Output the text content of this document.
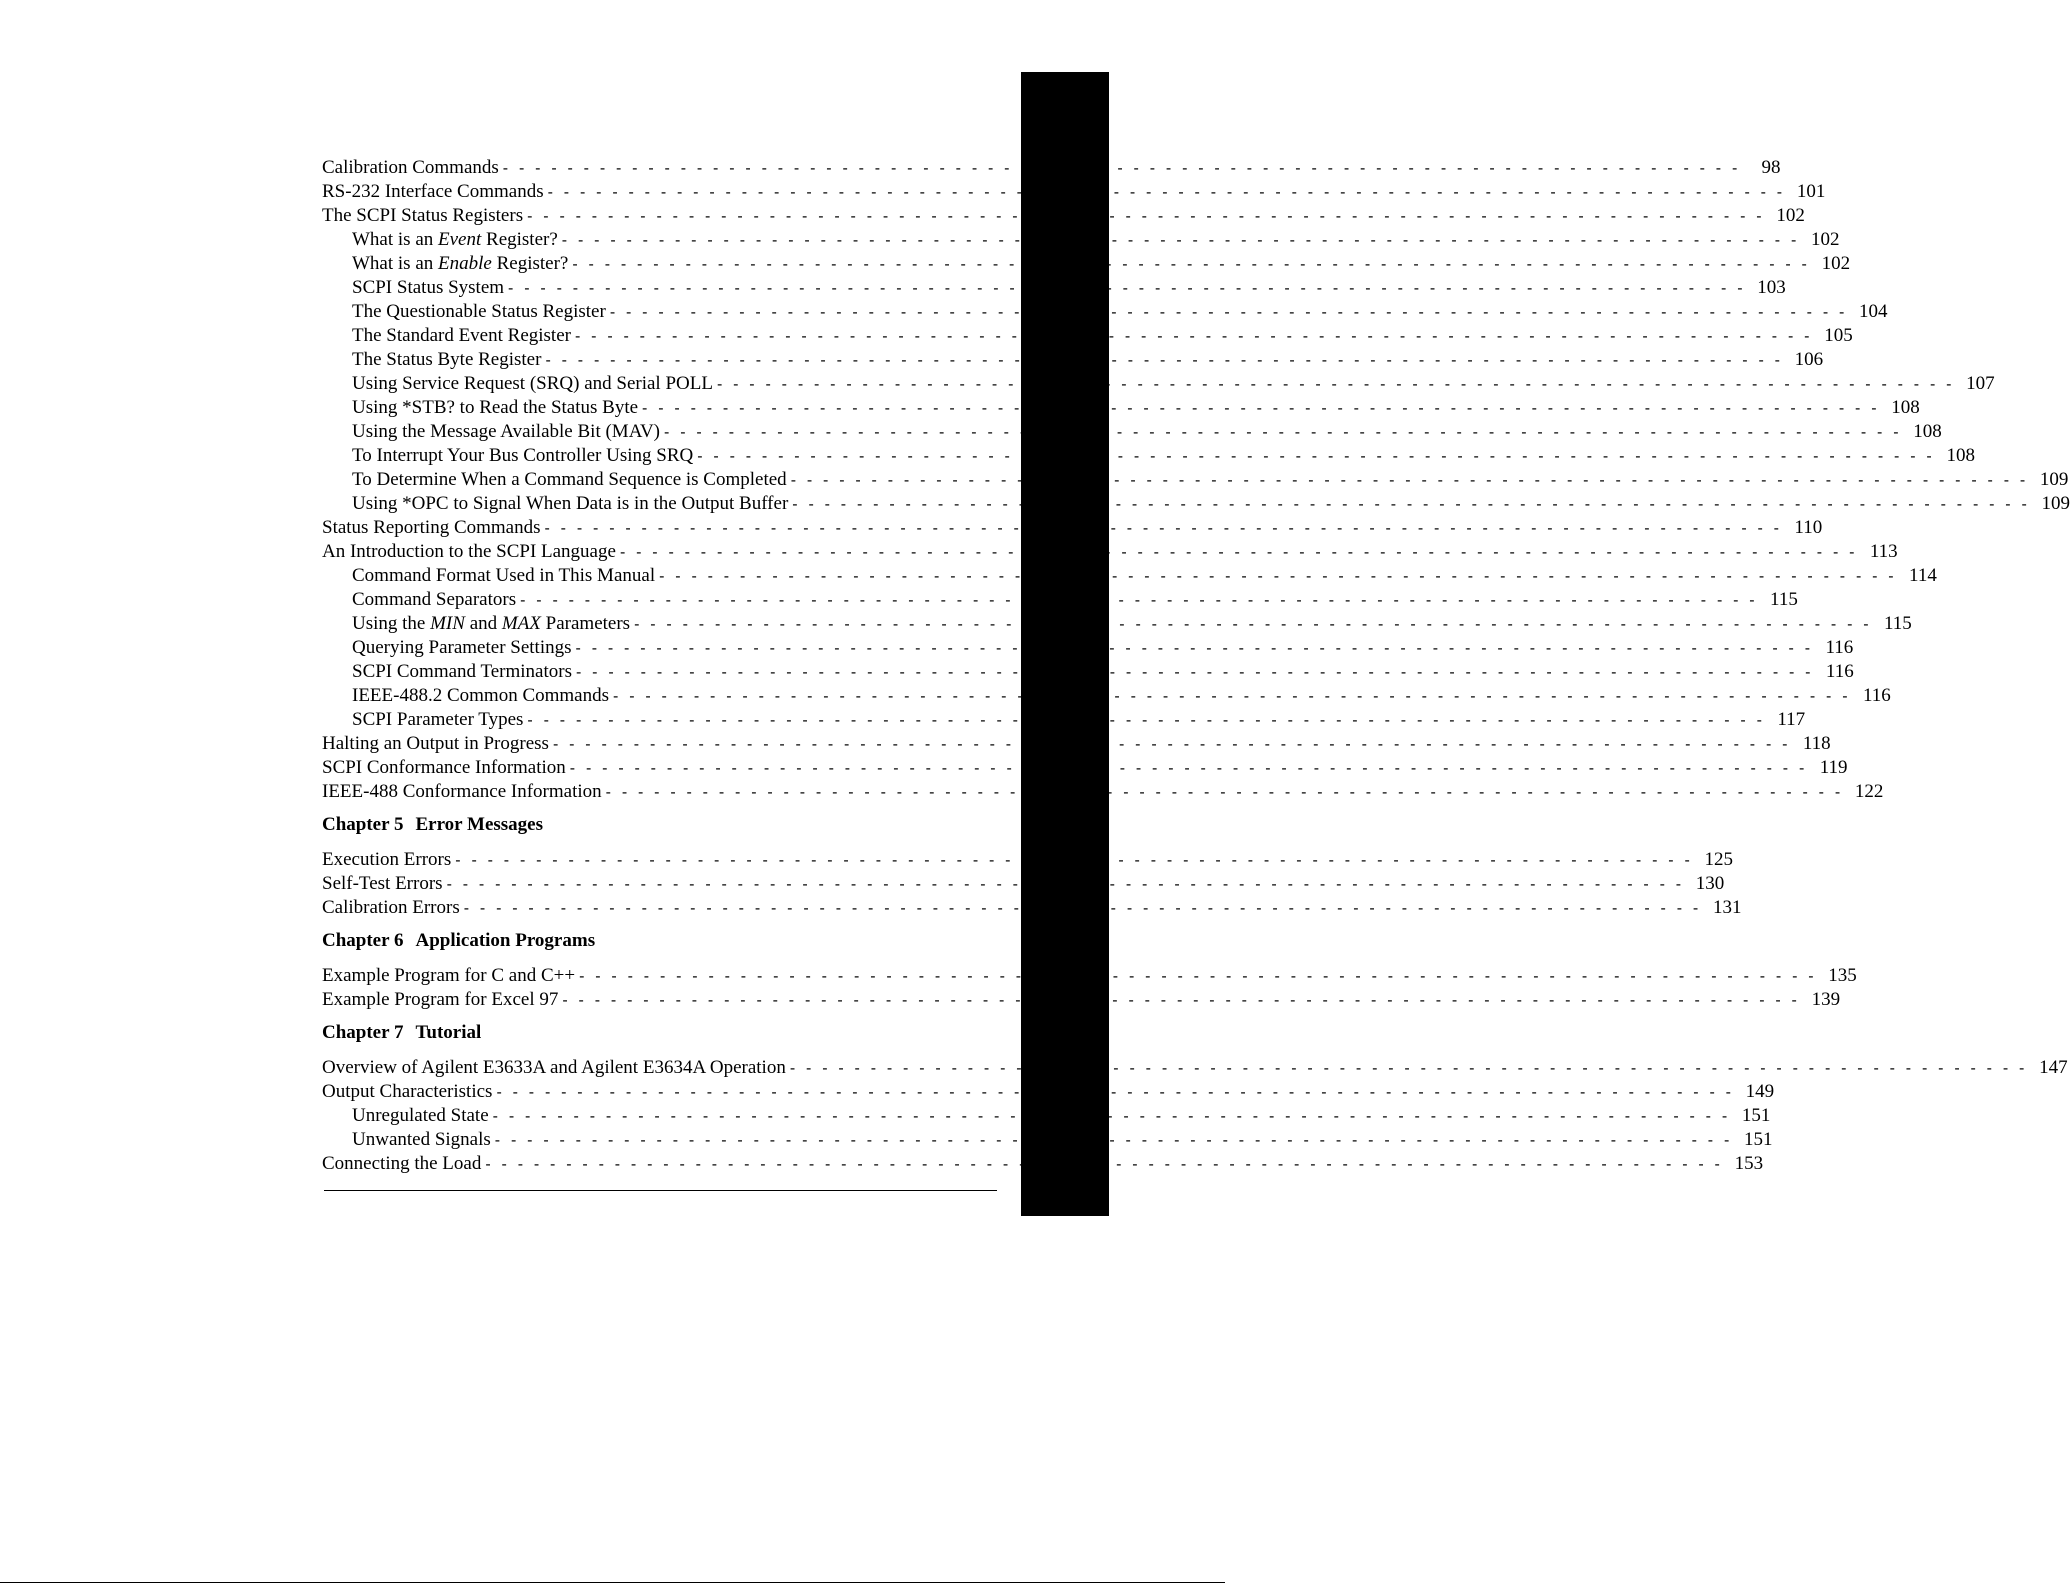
Calibration Commands - - - - - - - - - - - - - - - - - - - - - - - - - - - - - - - - - - - - - - - - - - - - - - - - - - - - - - - - - - - - - - - - - - - - - - - - - - - - -	98
RS-232 Interface Commands - - - - - - - - - - - - - - - - - - - - - - - - - - - - - - - - - - - - - - - - - - - - - - - - - - - - - - - - - - - - - - - - - - - - - - - - - - - - - 101
The SCPI Status Registers - - - - - - - - - - - - - - - - - - - - - - - - - - - - - - - - - - - - - - - - - - - - - - - - - - - - - - - - - - - - - - - - - - - - - - - - - - - - - 102
What is an Event Register? - - - - - - - - - - - - - - - - - - - - - - - - - - - - - - - - - - - - - - - - - - - - - - - - - - - - - - - - - - - - - - - - - - - - - - - - - - - - - 102
What is an Enable Register? - - - - - - - - - - - - - - - - - - - - - - - - - - - - - - - - - - - - - - - - - - - - - - - - - - - - - - - - - - - - - - - - - - - - - - - - - - - - - 102
SCPI Status System - - - - - - - - - - - - - - - - - - - - - - - - - - - - - - - - - - - - - - - - - - - - - - - - - - - - - - - - - - - - - - - - - - - - - - - - - - - - - 103
The Questionable Status Register - - - - - - - - - - - - - - - - - - - - - - - - - - - - - - - - - - - - - - - - - - - - - - - - - - - - - - - - - - - - - - - - - - - - - - - - - - - - - 104
The Standard Event Register - - - - - - - - - - - - - - - - - - - - - - - - - - - - - - - - - - - - - - - - - - - - - - - - - - - - - - - - - - - - - - - - - - - - - - - - - - - - - 105
The Status Byte Register - - - - - - - - - - - - - - - - - - - - - - - - - - - - - - - - - - - - - - - - - - - - - - - - - - - - - - - - - - - - - - - - - - - - - - - - - - - - - 106
Using Service Request (SRQ) and Serial POLL - - - - - - - - - - - - - - - - - - - - - - - - - - - - - - - - - - - - - - - - - - - - - - - - - - - - - - - - - - - - - - - - - - - - - - - - - - - - - 107
Using *STB? to Read the Status Byte - - - - - - - - - - - - - - - - - - - - - - - - - - - - - - - - - - - - - - - - - - - - - - - - - - - - - - - - - - - - - - - - - - - - - - - - - - - - - 108
Using the Message Available Bit (MAV) - - - - - - - - - - - - - - - - - - - - - - - - - - - - - - - - - - - - - - - - - - - - - - - - - - - - - - - - - - - - - - - - - - - - - - - - - - - - - 108
To Interrupt Your Bus Controller Using SRQ - - - - - - - - - - - - - - - - - - - - - - - - - - - - - - - - - - - - - - - - - - - - - - - - - - - - - - - - - - - - - - - - - - - - - - - - - - - - - 108
To Determine When a Command Sequence is Completed - - - - - - - - - - - - - - - - - - - - - - - - - - - - - - - - - - - - - - - - - - - - - - - - - - - - - - - - - - - - - - - - - - - - - - - - - - - - - 109
Using *OPC to Signal When Data is in the Output Buffer - - - - - - - - - - - - - - - - - - - - - - - - - - - - - - - - - - - - - - - - - - - - - - - - - - - - - - - - - - - - - - - - - - - - - - - - - - - - - 109
Status Reporting Commands - - - - - - - - - - - - - - - - - - - - - - - - - - - - - - - - - - - - - - - - - - - - - - - - - - - - - - - - - - - - - - - - - - - - - - - - - - - - - 110
An Introduction to the SCPI Language - - - - - - - - - - - - - - - - - - - - - - - - - - - - - - - - - - - - - - - - - - - - - - - - - - - - - - - - - - - - - - - - - - - - - - - - - - - - - 113
Command Format Used in This Manual - - - - - - - - - - - - - - - - - - - - - - - - - - - - - - - - - - - - - - - - - - - - - - - - - - - - - - - - - - - - - - - - - - - - - - - - - - - - - 114
Command Separators - - - - - - - - - - - - - - - - - - - - - - - - - - - - - - - - - - - - - - - - - - - - - - - - - - - - - - - - - - - - - - - - - - - - - - - - - - - - - 115
Using the MIN and MAX Parameters - - - - - - - - - - - - - - - - - - - - - - - - - - - - - - - - - - - - - - - - - - - - - - - - - - - - - - - - - - - - - - - - - - - - - - - - - - - - - 115
Querying Parameter Settings - - - - - - - - - - - - - - - - - - - - - - - - - - - - - - - - - - - - - - - - - - - - - - - - - - - - - - - - - - - - - - - - - - - - - - - - - - - - - 116
SCPI Command Terminators - - - - - - - - - - - - - - - - - - - - - - - - - - - - - - - - - - - - - - - - - - - - - - - - - - - - - - - - - - - - - - - - - - - - - - - - - - - - - 116
IEEE-488.2 Common Commands - - - - - - - - - - - - - - - - - - - - - - - - - - - - - - - - - - - - - - - - - - - - - - - - - - - - - - - - - - - - - - - - - - - - - - - - - - - - - 116
SCPI Parameter Types - - - - - - - - - - - - - - - - - - - - - - - - - - - - - - - - - - - - - - - - - - - - - - - - - - - - - - - - - - - - - - - - - - - - - - - - - - - - - 117
Halting an Output in Progress - - - - - - - - - - - - - - - - - - - - - - - - - - - - - - - - - - - - - - - - - - - - - - - - - - - - - - - - - - - - - - - - - - - - - - - - - - - - - 118
SCPI Conformance Information - - - - - - - - - - - - - - - - - - - - - - - - - - - - - - - - - - - - - - - - - - - - - - - - - - - - - - - - - - - - - - - - - - - - - - - - - - - - - 119
IEEE-488 Conformance Information - - - - - - - - - - - - - - - - - - - - - - - - - - - - - - - - - - - - - - - - - - - - - - - - - - - - - - - - - - - - - - - - - - - - - - - - - - - - - 122
Chapter 5 Error Messages
Execution Errors - - - - - - - - - - - - - - - - - - - - - - - - - - - - - - - - - - - - - - - - - - - - - - - - - - - - - - - - - - - - - - - - - - - - - - - - - - - - - 125
Self-Test Errors - - - - - - - - - - - - - - - - - - - - - - - - - - - - - - - - - - - - - - - - - - - - - - - - - - - - - - - - - - - - - - - - - - - - - - - - - - - - - 130
Calibration Errors - - - - - - - - - - - - - - - - - - - - - - - - - - - - - - - - - - - - - - - - - - - - - - - - - - - - - - - - - - - - - - - - - - - - - - - - - - - - - 131
Chapter 6 Application Programs
Example Program for C and C++ - - - - - - - - - - - - - - - - - - - - - - - - - - - - - - - - - - - - - - - - - - - - - - - - - - - - - - - - - - - - - - - - - - - - - - - - - - - - - 135
Example Program for Excel 97 - - - - - - - - - - - - - - - - - - - - - - - - - - - - - - - - - - - - - - - - - - - - - - - - - - - - - - - - - - - - - - - - - - - - - - - - - - - - - 139
Chapter 7 Tutorial
Overview of Agilent E3633A and Agilent E3634A Operation - - - - - - - - - - - - - - - - - - - - - - - - - - - - - - - - - - - - - - - - - - - - - - - - - - - - - - - - - - - - - - - - - - - - - - - - - - - - - 147
Output Characteristics - - - - - - - - - - - - - - - - - - - - - - - - - - - - - - - - - - - - - - - - - - - - - - - - - - - - - - - - - - - - - - - - - - - - - - - - - - - - - 149
Unregulated State - - - - - - - - - - - - - - - - - - - - - - - - - - - - - - - - - - - - - - - - - - - - - - - - - - - - - - - - - - - - - - - - - - - - - - - - - - - - - 151
Unwanted Signals - - - - - - - - - - - - - - - - - - - - - - - - - - - - - - - - - - - - - - - - - - - - - - - - - - - - - - - - - - - - - - - - - - - - - - - - - - - - - 151
Connecting the Load - - - - - - - - - - - - - - - - - - - - - - - - - - - - - - - - - - - - - - - - - - - - - - - - - - - - - - - - - - - - - - - - - - - - - - - - - - - - - 153
